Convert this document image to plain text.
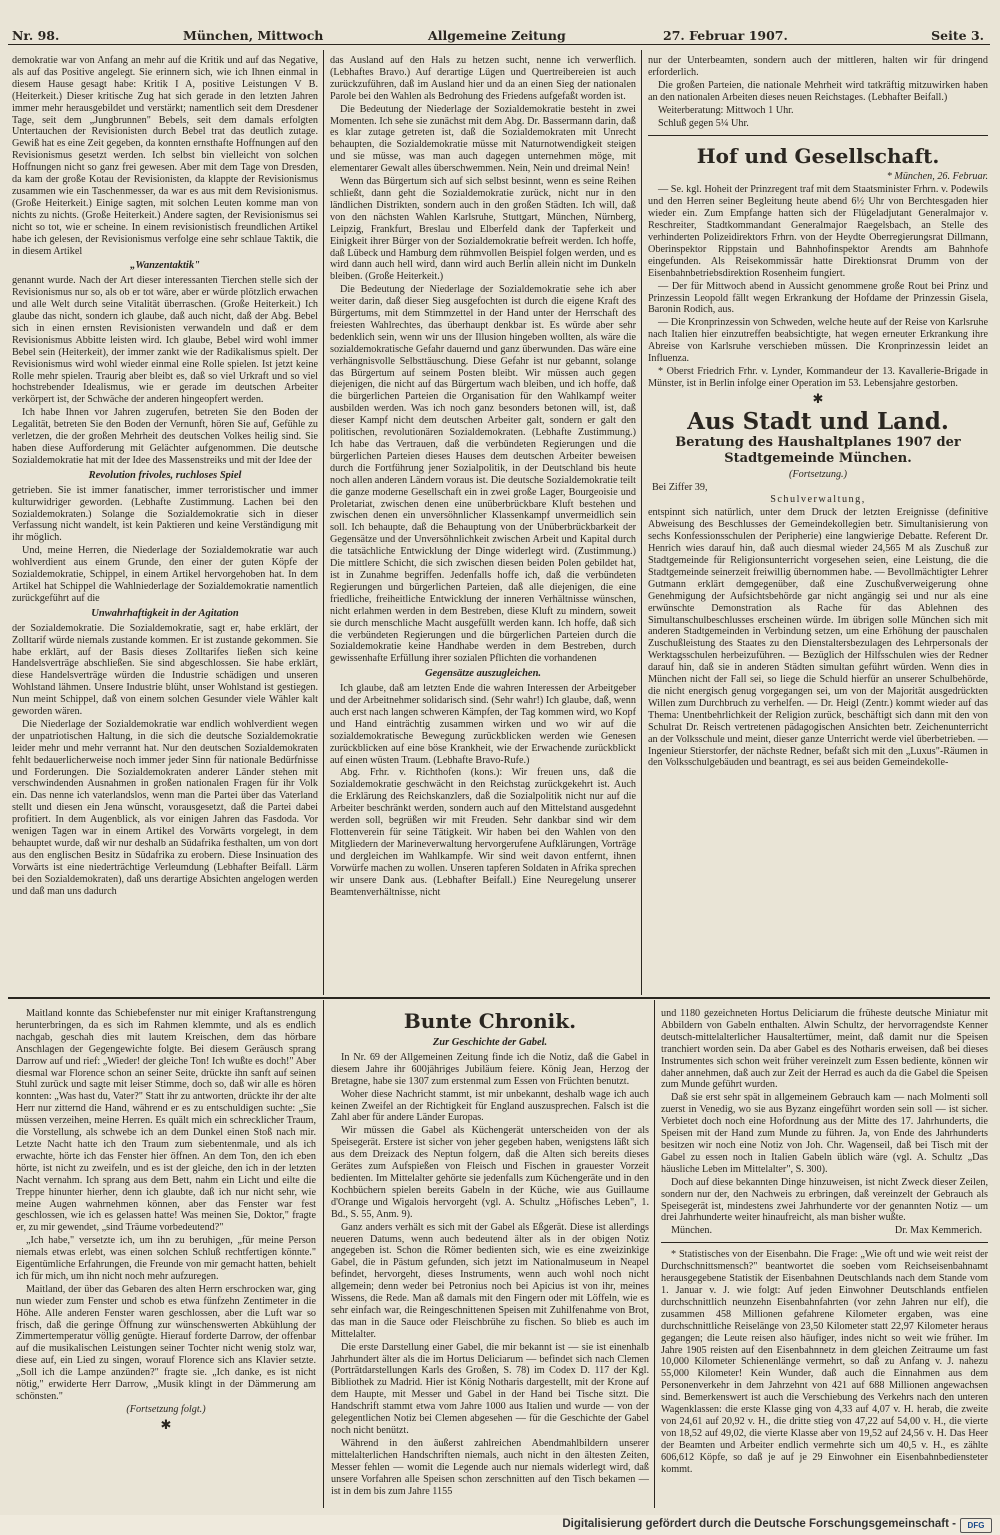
Nr. 98.	München, Mittwoch	Allgemeine Zeitung	27. Februar 1907.	Seite 3.

demokratie war von Anfang an mehr auf die Kritik und auf das Negative, als auf das Positive angelegt. Sie erinnern sich, wie ich Ihnen einmal in diesem Hause gesagt habe: Kritik I A, positive Leistungen V B. (Heiterkeit.) Dieser kritische Zug hat sich gerade in den letzten Jahren immer mehr herausgebildet und verstärkt; namentlich seit dem Dresdener Tage, seit dem „Jungbrunnen" Bebels, seit dem damals erfolgten Untertauchen der Revisionisten durch Bebel trat das deutlich zutage. Gewiß hat es eine Zeit gegeben, da konnten ernsthafte Hoffnungen auf den Revisionismus gesetzt werden. Ich selbst bin vielleicht von solchen Hoffnungen nicht so ganz frei gewesen. Aber mit dem Tage von Dresden, da kam der große Kotau der Revisionisten, da klappte der Revisionismus zusammen wie ein Taschenmesser, da war es aus mit dem Revisionismus. (Große Heiterkeit.) Einige sagten, mit solchen Leuten komme man von nichts zu nichts. (Große Heiterkeit.) Andere sagten, der Revisionismus sei nicht so tot, wie er scheine. In einem revisionistisch freundlichen Artikel habe ich gelesen, der Revisionismus verfolge eine sehr schlaue Taktik, die in diesem Artikel

„Wanzentaktik"

genannt wurde. Nach der Art dieser interessanten Tierchen stelle sich der Revisionismus nur so, als ob er tot wäre, aber er würde plötzlich erwachen und alle Welt durch seine Vitalität überraschen. (Große Heiterkeit.) Ich glaube das nicht, sondern ich glaube, daß auch nicht, daß der Abg. Bebel sich in einen ernsten Revisionisten verwandeln und daß er dem Revisionismus Abbitte leisten wird. Ich glaube, Bebel wird wohl immer Bebel sein (Heiterkeit), der immer zankt wie der Radikalismus spielt. Der Revisionismus wird wohl wieder einmal eine Rolle spielen. Ist jetzt keine Rolle mehr spielen. Traurig aber bleibt es, daß so viel Urkraft und so viel hochstrebender Idealismus, wie er gerade im deutschen Arbeiter verkörpert ist, der Schwäche der anderen hingeopfert werden.

Ich habe Ihnen vor Jahren zugerufen, betreten Sie den Boden der Legalität, betreten Sie den Boden der Vernunft, hören Sie auf, Gefühle zu verletzen, die der großen Mehrheit des deutschen Volkes heilig sind. Sie haben diese Aufforderung mit Gelächter aufgenommen. Die deutsche Sozialdemokratie hat mit der Idee des Massenstreiks und mit der Idee der

Revolution frivoles, ruchloses Spiel

getrieben. Sie ist immer fanatischer, immer terroristischer und immer kulturwidriger geworden. (Lebhafte Zustimmung. Lachen bei den Sozialdemokraten.) Solange die Sozialdemokratie sich in dieser Verfassung nicht wandelt, ist kein Paktieren und keine Verständigung mit ihr möglich.

Und, meine Herren, die Niederlage der Sozialdemokratie war auch wohlverdient aus einem Grunde, den einer der guten Köpfe der Sozialdemokratie, Schippel, in einem Artikel hervorgehoben hat. In dem Artikel hat Schippel die Wahlniederlage der Sozialdemokratie namentlich zurückgeführt auf die

Unwahrhaftigkeit in der Agitation

der Sozialdemokratie. Die Sozialdemokratie, sagt er, habe erklärt, der Zolltarif würde niemals zustande kommen. Er ist zustande gekommen. Sie habe erklärt, auf der Basis dieses Zolltarifes ließen sich keine Handelsverträge abschließen. Sie sind abgeschlossen. Sie habe erklärt, diese Handelsverträge würden die Industrie schädigen und unseren Wohlstand lähmen. Unsere Industrie blüht, unser Wohlstand ist gestiegen. Nun meint Schippel, daß von einem solchen Gesunder viele Wähler kalt geworden wären.

Die Niederlage der Sozialdemokratie war endlich wohlverdient wegen der unpatriotischen Haltung, in die sich die deutsche Sozialdemokratie leider mehr und mehr verrannt hat. Nur den deutschen Sozialdemokraten fehlt bedauerlicherweise noch immer jeder Sinn für nationale Bedürfnisse und Forderungen. Die Sozialdemokraten anderer Länder stehen mit verschwindenden Ausnahmen in großen nationalen Fragen für ihr Volk ein. Das nenne ich vaterlandslos, wenn man die Partei über das Vaterland stellt und diesen ein Jena wünscht, vorausgesetzt, daß die Partei dabei profitiert. In dem Augenblick, als vor einigen Jahren das Fasdoda. Vor wenigen Tagen war in einem Artikel des Vorwärts vorgelegt, in dem behauptet wurde, daß wir nur deshalb an Südafrika festhalten, um von dort aus den englischen Besitz in Südafrika zu erobern. Diese Insinuation des Vorwärts ist eine niederträchtige Verleumdung (Lebhafter Beifall. Lärm bei den Sozialdemokraten), daß uns derartige Absichten angelogen werden und daß man uns dadurch

das Ausland auf den Hals zu hetzen sucht, nenne ich verwerflich. (Lebhaftes Bravo.) Auf derartige Lügen und Quertreibereien ist auch zurückzuführen, daß im Ausland hier und da an einen Sieg der nationalen Parole bei den Wahlen als Bedrohung des Friedens aufgefaßt worden ist.

Die Bedeutung der Niederlage der Sozialdemokratie besteht in zwei Momenten. Ich sehe sie zunächst mit dem Abg. Dr. Bassermann darin, daß es klar zutage getreten ist, daß die Sozialdemokraten mit Unrecht behaupten, die Sozialdemokratie müsse mit Naturnotwendigkeit steigen und sie müsse, was man auch dagegen unternehmen möge, mit elementarer Gewalt alles überschwemmen. Nein, Nein und dreimal Nein!

Wenn das Bürgertum sich auf sich selbst besinnt, wenn es seine Reihen schließt, dann geht die Sozialdemokratie zurück, nicht nur in den ländlichen Distrikten, sondern auch in den großen Städten. Ich will, daß von den nächsten Wahlen Karlsruhe, Stuttgart, München, Nürnberg, Leipzig, Frankfurt, Breslau und Elberfeld dank der Tapferkeit und Einigkeit ihrer Bürger von der Sozialdemokratie befreit werden. Ich hoffe, daß Lübeck und Hamburg dem rühmvollen Beispiel folgen werden, und es wird dann auch hell wird, dann wird auch Berlin allein nicht im Dunkeln bleiben. (Große Heiterkeit.)

Die Bedeutung der Niederlage der Sozialdemokratie sehe ich aber weiter darin, daß dieser Sieg ausgefochten ist durch die eigene Kraft des Bürgertums, mit dem Stimmzettel in der Hand unter der Herrschaft des freiesten Wahlrechtes, das überhaupt denkbar ist. Es würde aber sehr bedenklich sein, wenn wir uns der Illusion hingeben wollten, als wäre die sozialdemokratische Gefahr dauernd und ganz überwunden. Das wäre eine verhängnisvolle Selbsttäuschung. Diese Gefahr ist nur gebannt, solange das Bürgertum auf seinem Posten bleibt. Wir müssen auch gegen diejenigen, die nicht auf das Bürgertum wach bleiben, und ich hoffe, daß die bürgerlichen Parteien die Organisation für den Wahlkampf weiter ausbilden werden. Was ich noch ganz besonders betonen will, ist, daß dieser Kampf nicht dem deutschen Arbeiter galt, sondern er galt den politischen, revolutionären Sozialdemokraten. (Lebhafte Zustimmung.) Ich habe das Vertrauen, daß die verbündeten Regierungen und die bürgerlichen Parteien dieses Hauses dem deutschen Arbeiter beweisen durch die Fortführung jener Sozialpolitik, in der Deutschland bis heute noch allen anderen Ländern voraus ist. Die deutsche Sozialdemokratie teilt die ganze moderne Gesellschaft ein in zwei große Lager, Bourgeoisie und Proletariat, zwischen denen eine unüberbrückbare Kluft bestehen und zwischen denen ein unversöhnlicher Klassenkampf unvermeidlich sein soll. Ich behaupte, daß die Behauptung von der Unüberbrückbarkeit der Gegensätze und der Unversöhnlichkeit zwischen Arbeit und Kapital durch die tatsächliche Entwicklung der Dinge widerlegt wird. (Zustimmung.) Die mittlere Schicht, die sich zwischen diesen beiden Polen gebildet hat, ist in Zunahme begriffen. Jedenfalls hoffe ich, daß die verbündeten Regierungen und bürgerlichen Parteien, daß alle diejenigen, die eine friedliche, freiheitliche Entwicklung der inneren Verhältnisse wünschen, nicht erlahmen werden in dem Bestreben, diese Kluft zu mindern, soweit sie durch menschliche Macht ausgefüllt werden kann. Ich hoffe, daß sich die verbündeten Regierungen und die bürgerlichen Parteien durch die Sozialdemokratie keine Handhabe werden in dem Bestreben, durch gewissenhafte Erfüllung ihrer sozialen Pflichten die vorhandenen

Gegensätze auszugleichen.

Ich glaube, daß am letzten Ende die wahren Interessen der Arbeitgeber und der Arbeitnehmer solidarisch sind. (Sehr wahr!) Ich glaube, daß, wenn auch erst nach langen schweren Kämpfen, der Tag kommen wird, wo Kopf und Hand einträchtig zusammen wirken und wo wir auf die sozialdemokratische Bewegung zurückblicken werden wie Genesen zurückblicken auf eine böse Krankheit, wie der Erwachende zurückblickt auf einen wüsten Traum. (Lebhafte Bravo-Rufe.)

Abg. Frhr. v. Richthofen (kons.): Wir freuen uns, daß die Sozialdemokratie geschwächt in den Reichstag zurückgekehrt ist. Auch die Erklärung des Reichskanzlers, daß die Sozialpolitik nicht nur auf die Arbeiter beschränkt werden, sondern auch auf den Mittelstand ausgedehnt werden soll, begrüßen wir mit Freuden. Sehr dankbar sind wir dem Flottenverein für seine Tätigkeit. Wir haben bei den Wahlen von den Mitgliedern der Marineverwaltung hervorgerufene Aufklärungen, Vorträge und dergleichen im Wahlkampfe. Wir sind weit davon entfernt, ihnen Vorwürfe machen zu wollen. Unseren tapferen Soldaten in Afrika sprechen wir unsere Dank aus. (Lebhafter Beifall.) Eine Neuregelung unserer Beamtenverhältnisse, nicht

nur der Unterbeamten, sondern auch der mittleren, halten wir für dringend erforderlich.

Die großen Parteien, die nationale Mehrheit wird tatkräftig mitzuwirken haben an den nationalen Arbeiten dieses neuen Reichstages. (Lebhafter Beifall.)

Weiterberatung: Mittwoch 1 Uhr.

Schluß gegen 5¼ Uhr.

Hof und Gesellschaft.

* München, 26. Februar.

— Se. kgl. Hoheit der Prinzregent traf mit dem Staatsminister Frhrn. v. Podewils und den Herren seiner Begleitung heute abend 6½ Uhr von Berchtesgaden hier wieder ein. Zum Empfange hatten sich der Flügeladjutant Generalmajor v. Reschreiter, Stadtkommandant Generalmajor Raegelsbach, an Stelle des verhinderten Polizeidirektors Frhrn. von der Heydte Oberregierungsrat Dillmann, Oberinspektor Rippstain und Bahnhofinspektor Arendts am Bahnhofe eingefunden. Als Reisekommissär hatte Direktionsrat Drumm von der Eisenbahnbetriebsdirektion Rosenheim fungiert.

— Der für Mittwoch abend in Aussicht genommene große Rout bei Prinz und Prinzessin Leopold fällt wegen Erkrankung der Hofdame der Prinzessin Gisela, Baronin Rodich, aus.

— Die Kronprinzessin von Schweden, welche heute auf der Reise von Karlsruhe nach Italien hier einzutreffen beabsichtigte, hat wegen erneuter Erkrankung ihre Abreise von Karlsruhe verschieben müssen. Die Kronprinzessin leidet an Influenza.

* Oberst Friedrich Frhr. v. Lynder, Kommandeur der 13. Kavallerie-Brigade in Münster, ist in Berlin infolge einer Operation im 53. Lebensjahre gestorben.

✱
Aus Stadt und Land.
Beratung des Haushaltplanes 1907 der
Stadtgemeinde München.

(Fortsetzung.)

Bei Ziffer 39,

Schulverwaltung,

entspinnt sich natürlich, unter dem Druck der letzten Ereignisse (definitive Abweisung des Beschlusses der Gemeindekollegien betr. Simultanisierung von sechs Konfessionsschulen der Peripherie) eine langwierige Debatte. Referent Dr. Henrich wies darauf hin, daß auch diesmal wieder 24,565 M als Zuschuß zur Stadtgemeinde für Religionsunterricht vorgesehen seien, eine Leistung, die die Stadtgemeinde seinerzeit freiwillig übernommen habe. — Bevollmächtigter Lehrer Gutmann erklärt demgegenüber, daß eine Zuschußverweigerung ohne Genehmigung der Aufsichtsbehörde gar nicht angängig sei und nur als eine erwünschte Demonstration als Rache für das Ablehnen des Simultanschulbeschlusses erscheinen würde. Im übrigen solle München sich mit anderen Stadtgemeinden in Verbindung setzen, um eine Erhöhung der pauschalen Zuschußleistung des Staates zu den Dienstaltersbezulagen des Lehrpersonals der Werktagsschulen herbeizuführen. — Bezüglich der Hilfsschulen wies der Redner darauf hin, daß sie in anderen Städten simultan geführt würden. Wenn dies in München nicht der Fall sei, so liege die Schuld hierfür an unserer Schulbehörde, die nicht energisch genug vorgegangen sei, um von der Majorität ausgedrückten Willen zum Durchbruch zu verhelfen. — Dr. Heigl (Zentr.) kommt wieder auf das Thema: Unentbehrlichkeit der Religion zurück, beschäftigt sich dann mit den von Schulrat Dr. Reisch vertretenen pädagogischen Ansichten betr. Zeichenunterricht an der Volksschule und meint, dieser ganze Unterricht werde viel überbetrieben. — Ingenieur Stierstorfer, der nächste Redner, befaßt sich mit den „Luxus"-Räumen in den Volksschulgebäuden und beantragt, es sei aus beiden Gemeindekolle-

Maitland konnte das Schiebefenster nur mit einiger Kraftanstrengung herunterbringen, da es sich im Rahmen klemmte, und als es endlich nachgab, geschah dies mit lautem Kreischen, dem das hörbare Anschlagen der Gegengewichte folgte. Bei diesem Geräusch sprang Darrow auf und rief: „Wieder! der gleiche Ton! Ich wußte es doch!" Aber diesmal war Florence schon an seiner Seite, drückte ihn sanft auf seinen Stuhl zurück und sagte mit leiser Stimme, doch so, daß wir alle es hören konnten: „Was hast du, Vater?" Statt ihr zu antworten, drückte ihr der alte Herr nur zitternd die Hand, während er es zu entschuldigen suchte: „Sie müssen verzeihen, meine Herren. Es quält mich ein schrecklicher Traum, die Vorstellung, als schwebe ich an dem Dunkel einen Stoß nach mir. Letzte Nacht hatte ich den Traum zum siebentenmale, und als ich erwachte, hörte ich das Fenster hier öffnen. An dem Ton, den ich eben hörte, ist nicht zu zweifeln, und es ist der gleiche, den ich in der letzten Nacht vernahm. Ich sprang aus dem Bett, nahm ein Licht und eilte die Treppe hinunter hierher, denn ich glaubte, daß ich nur nicht sehr, wie meine Augen wahrnehmen können, aber das Fenster war fest geschlossen, wie ich es gelassen hatte! Was meinen Sie, Doktor," fragte er, zu mir gewendet, „sind Träume vorbedeutend?"

„Ich habe," versetzte ich, um ihn zu beruhigen, „für meine Person niemals etwas erlebt, was einen solchen Schluß rechtfertigen könnte." Eigentümliche Erfahrungen, die Freunde von mir gemacht hatten, behielt ich für mich, um ihn nicht noch mehr aufzuregen.

Maitland, der über das Gebaren des alten Herrn erschrocken war, ging nun wieder zum Fenster und schob es etwa fünfzehn Zentimeter in die Höhe. Alle anderen Fenster waren geschlossen, aber die Luft war so frisch, daß die geringe Öffnung zur wünschenswerten Abkühlung der Zimmertemperatur völlig genügte. Hierauf forderte Darrow, der offenbar auf die musikalischen Leistungen seiner Tochter nicht wenig stolz war, diese auf, ein Lied zu singen, worauf Florence sich ans Klavier setzte. „Soll ich die Lampe anzünden?" fragte sie. „Ich danke, es ist nicht nötig," erwiderte Herr Darrow, „Musik klingt in der Dämmerung am schönsten."

(Fortsetzung folgt.)

✱
Bunte Chronik.
Zur Geschichte der Gabel.

In Nr. 69 der Allgemeinen Zeitung finde ich die Notiz, daß die Gabel in diesem Jahre ihr 600jähriges Jubiläum feiere. König Jean, Herzog der Bretagne, habe sie 1307 zum erstenmal zum Essen von Früchten benutzt.

Woher diese Nachricht stammt, ist mir unbekannt, deshalb wage ich auch keinen Zweifel an der Richtigkeit für England auszusprechen. Falsch ist die Zahl aber für andere Länder Europas.

Wir müssen die Gabel als Küchengerät unterscheiden von der als Speisegerät. Erstere ist sicher von jeher gegeben haben, wenigstens läßt sich aus dem Dreizack des Neptun folgern, daß die Alten sich bereits dieses Gerätes zum Aufspießen von Fleisch und Fischen in grauester Vorzeit bedienten. Im Mittelalter gehörte sie jedenfalls zum Küchengeräte und in den Kochbüchern spielen bereits Gabeln in der Küche, wie aus Guillaume d'Orange und Wigalois hervorgeht (vgl. A. Schultz „Höfisches Leben", 1. Bd., S. 55, Anm. 9).

Ganz anders verhält es sich mit der Gabel als Eßgerät. Diese ist allerdings neueren Datums, wenn auch bedeutend älter als in der obigen Notiz angegeben ist. Schon die Römer bedienten sich, wie es eine zweizinkige Gabel, die in Pästum gefunden, sich jetzt im Nationalmuseum in Neapel befindet, hervorgeht, dieses Instruments, wenn auch wohl noch nicht allgemein; denn weder bei Petronius noch bei Apicius ist von ihr, meines Wissens, die Rede. Man aß damals mit den Fingern oder mit Löffeln, wie es sehr einfach war, die Reingeschnittenen Speisen mit Zuhilfenahme von Brot, das man in die Sauce oder Fleischbrühe zu fischen. So blieb es auch im Mittelalter.

Die erste Darstellung einer Gabel, die mir bekannt ist — sie ist einenhalb Jahrhundert älter als die im Hortus Deliciarum — befindet sich nach Clemen (Porträtdarstellungen Karls des Großen, S. 78) im Codex D. 117 der Kgl. Bibliothek zu Madrid. Hier ist König Notharis dargestellt, mit der Krone auf dem Haupte, mit Messer und Gabel in der Hand bei Tische sitzt. Die Handschrift stammt etwa vom Jahre 1000 aus Italien und wurde — von der gelegentlichen Notiz bei Clemen abgesehen — für die Geschichte der Gabel noch nicht benützt.

Während in den äußerst zahlreichen Abendmahlbildern unserer mittelalterlichen Handschriften niemals, auch nicht in den ältesten Zeiten, Messer fehlen — womit die Legende auch nur niemals widerlegt wird, daß unsere Vorfahren alle Speisen schon zerschnitten auf den Tisch bekamen — ist in dem bis zum Jahre 1155

und 1180 gezeichneten Hortus Deliciarum die früheste deutsche Miniatur mit Abbildern von Gabeln enthalten. Alwin Schultz, der hervorragendste Kenner deutsch-mittelalterlicher Hausaltertümer, meint, daß damit nur die Speisen tranchiert worden sein. Da aber Gabel es des Notharis erweisen, daß bei dieses Instrumentes sich schon weit früher vereinzelt zum Essen bediente, können wir daher annehmen, daß auch zur Zeit der Herrad es auch da die Gabel die Speisen zum Munde geführt wurden.

Daß sie erst sehr spät in allgemeinem Gebrauch kam — nach Molmenti soll zuerst in Venedig, wo sie aus Byzanz eingeführt worden sein soll — ist sicher. Verbietet doch noch eine Hofordnung aus der Mitte des 17. Jahrhunderts, die Speisen mit der Hand zum Munde zu führen. Ja, von Ende des Jahrhunderts besitzen wir noch eine Notiz von Joh. Chr. Wagenseil, daß bei Tisch mit der Gabel zu essen noch in Italien Gabeln üblich wäre (vgl. A. Schultz „Das häusliche Leben im Mittelalter", S. 300).

Doch auf diese bekannten Dinge hinzuweisen, ist nicht Zweck dieser Zeilen, sondern nur der, den Nachweis zu erbringen, daß vereinzelt der Gebrauch als Speisegerät ist, mindestens zwei Jahrhunderte vor der genannten Notiz — um drei Jahrhunderte weiter hinaufreicht, als man bisher wußte.

München.	Dr. Max Kemmerich.

* Statistisches von der Eisenbahn. Die Frage: „Wie oft und wie weit reist der Durchschnittsmensch?" beantwortet die soeben vom Reichseisenbahnamt herausgegebene Statistik der Eisenbahnen Deutschlands nach dem Stande vom 1. Januar v. J. wie folgt: Auf jeden Einwohner Deutschlands entfielen durchschnittlich neunzehn Eisenbahnfahrten (vor zehn Jahren nur elf), die zusammen 458 Millionen gefahrene Kilometer ergaben, was eine durchschnittliche Reiselänge von 23,50 Kilometer statt 22,97 Kilometer heraus gegangen; die Leute reisen also häufiger, indes nicht so weit wie früher. Im Jahre 1905 reisten auf den Eisenbahnnetz in dem gleichen Zeitraume um fast 10,000 Kilometer Schienenlänge vermehrt, so daß zu Anfang v. J. nahezu 55,000 Kilometer! Kein Wunder, daß auch die Einnahmen aus dem Personenverkehr in dem Jahrzehnt von 421 auf 688 Millionen angewachsen sind. Bemerkenswert ist auch die Verschiebung des Verkehrs nach den unteren Wagenklassen: die erste Klasse ging von 4,33 auf 4,07 v. H. herab, die zweite von 24,61 auf 20,92 v. H., die dritte stieg von 47,22 auf 54,00 v. H., die vierte von 18,52 auf 49,02, die vierte Klasse aber von 19,52 auf 24,56 v. H. Das Heer der Beamten und Arbeiter endlich vermehrte sich um 40,5 v. H., es zählte 606,612 Köpfe, so daß je auf je 29 Einwohner ein Eisenbahnbediensteter kommt.

Digitalisierung gefördert durch die Deutsche Forschungsgemeinschaft -	DFG
